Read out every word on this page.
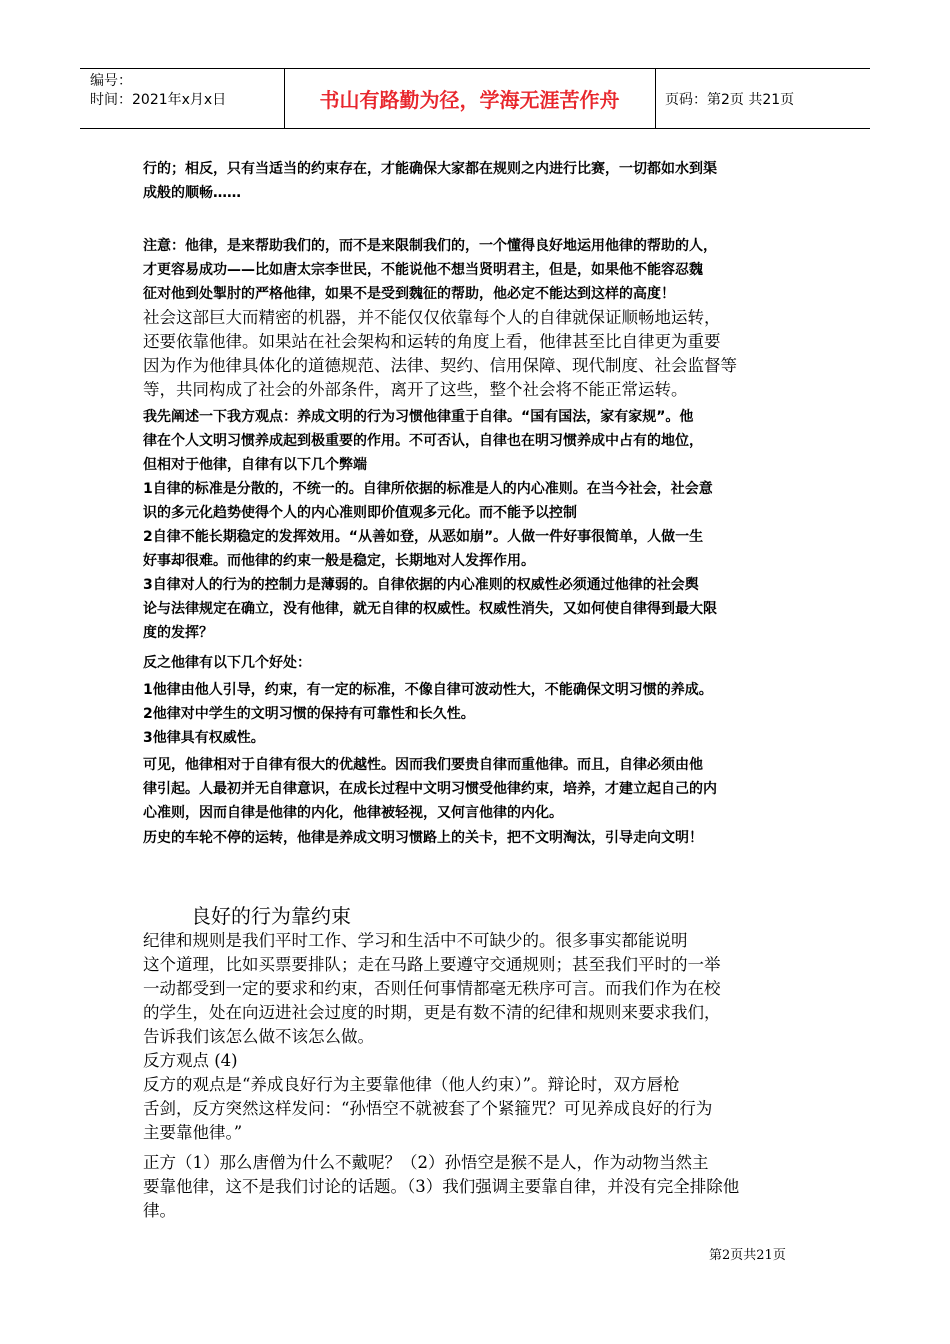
编号：
时间：2021年x月x日	书山有路勤为径，学海无涯苦作舟	页码：第2页 共21页
行的；相反，只有当适当的约束存在，才能确保大家都在规则之内进行比赛，一切都如水到渠
成般的顺畅……
注意：他律，是来帮助我们的，而不是来限制我们的，一个懂得良好地运用他律的帮助的人，
才更容易成功——比如唐太宗李世民，不能说他不想当贤明君主，但是，如果他不能容忍魏
征对他到处掣肘的严格他律，如果不是受到魏征的帮助，他必定不能达到这样的高度！
社会这部巨大而精密的机器，并不能仅仅依靠每个人的自律就保证顺畅地运转，
还要依靠他律。如果站在社会架构和运转的角度上看，他律甚至比自律更为重要
因为作为他律具体化的道德规范、法律、契约、信用保障、现代制度、社会监督等
等，共同构成了社会的外部条件，离开了这些，整个社会将不能正常运转。
我先阐述一下我方观点：养成文明的行为习惯他律重于自律。“国有国法，家有家规”。他
律在个人文明习惯养成起到极重要的作用。不可否认，自律也在明习惯养成中占有的地位，
但相对于他律，自律有以下几个弊端
1自律的标准是分散的，不统一的。自律所依据的标准是人的内心准则。在当今社会，社会意
识的多元化趋势使得个人的内心准则即价值观多元化。而不能予以控制
2自律不能长期稳定的发挥效用。“从善如登，从恶如崩”。人做一件好事很简单，人做一生
好事却很难。而他律的约束一般是稳定，长期地对人发挥作用。
3自律对人的行为的控制力是薄弱的。自律依据的内心准则的权威性必须通过他律的社会舆
论与法律规定在确立，没有他律，就无自律的权威性。权威性消失，又如何使自律得到最大限
度的发挥？
反之他律有以下几个好处：
1他律由他人引导，约束，有一定的标准，不像自律可波动性大，不能确保文明习惯的养成。
2他律对中学生的文明习惯的保持有可靠性和长久性。
3他律具有权威性。
可见，他律相对于自律有很大的优越性。因而我们要贵自律而重他律。而且，自律必须由他
律引起。人最初并无自律意识，在成长过程中文明习惯受他律约束，培养，才建立起自己的内
心准则，因而自律是他律的内化，他律被轻视，又何言他律的内化。
历史的车轮不停的运转，他律是养成文明习惯路上的关卡，把不文明淘汰，引导走向文明！
良好的行为靠约束
纪律和规则是我们平时工作、学习和生活中不可缺少的。很多事实都能说明
这个道理，比如买票要排队；走在马路上要遵守交通规则；甚至我们平时的一举
一动都受到一定的要求和约束，否则任何事情都毫无秩序可言。而我们作为在校
的学生，处在向迈进社会过度的时期，更是有数不清的纪律和规则来要求我们，
告诉我们该怎么做不该怎么做。
反方观点 (4)
反方的观点是“养成良好行为主要靠他律（他人约束）”。辩论时，双方唇枪
舌剑，反方突然这样发问：“孙悟空不就被套了个紧箍咒？可见养成良好的行为
主要靠他律。”
正方（1）那么唐僧为什么不戴呢？（2）孙悟空是猴不是人，作为动物当然主
要靠他律，这不是我们讨论的话题。（3）我们强调主要靠自律，并没有完全排除他
律。
第2页共21页
